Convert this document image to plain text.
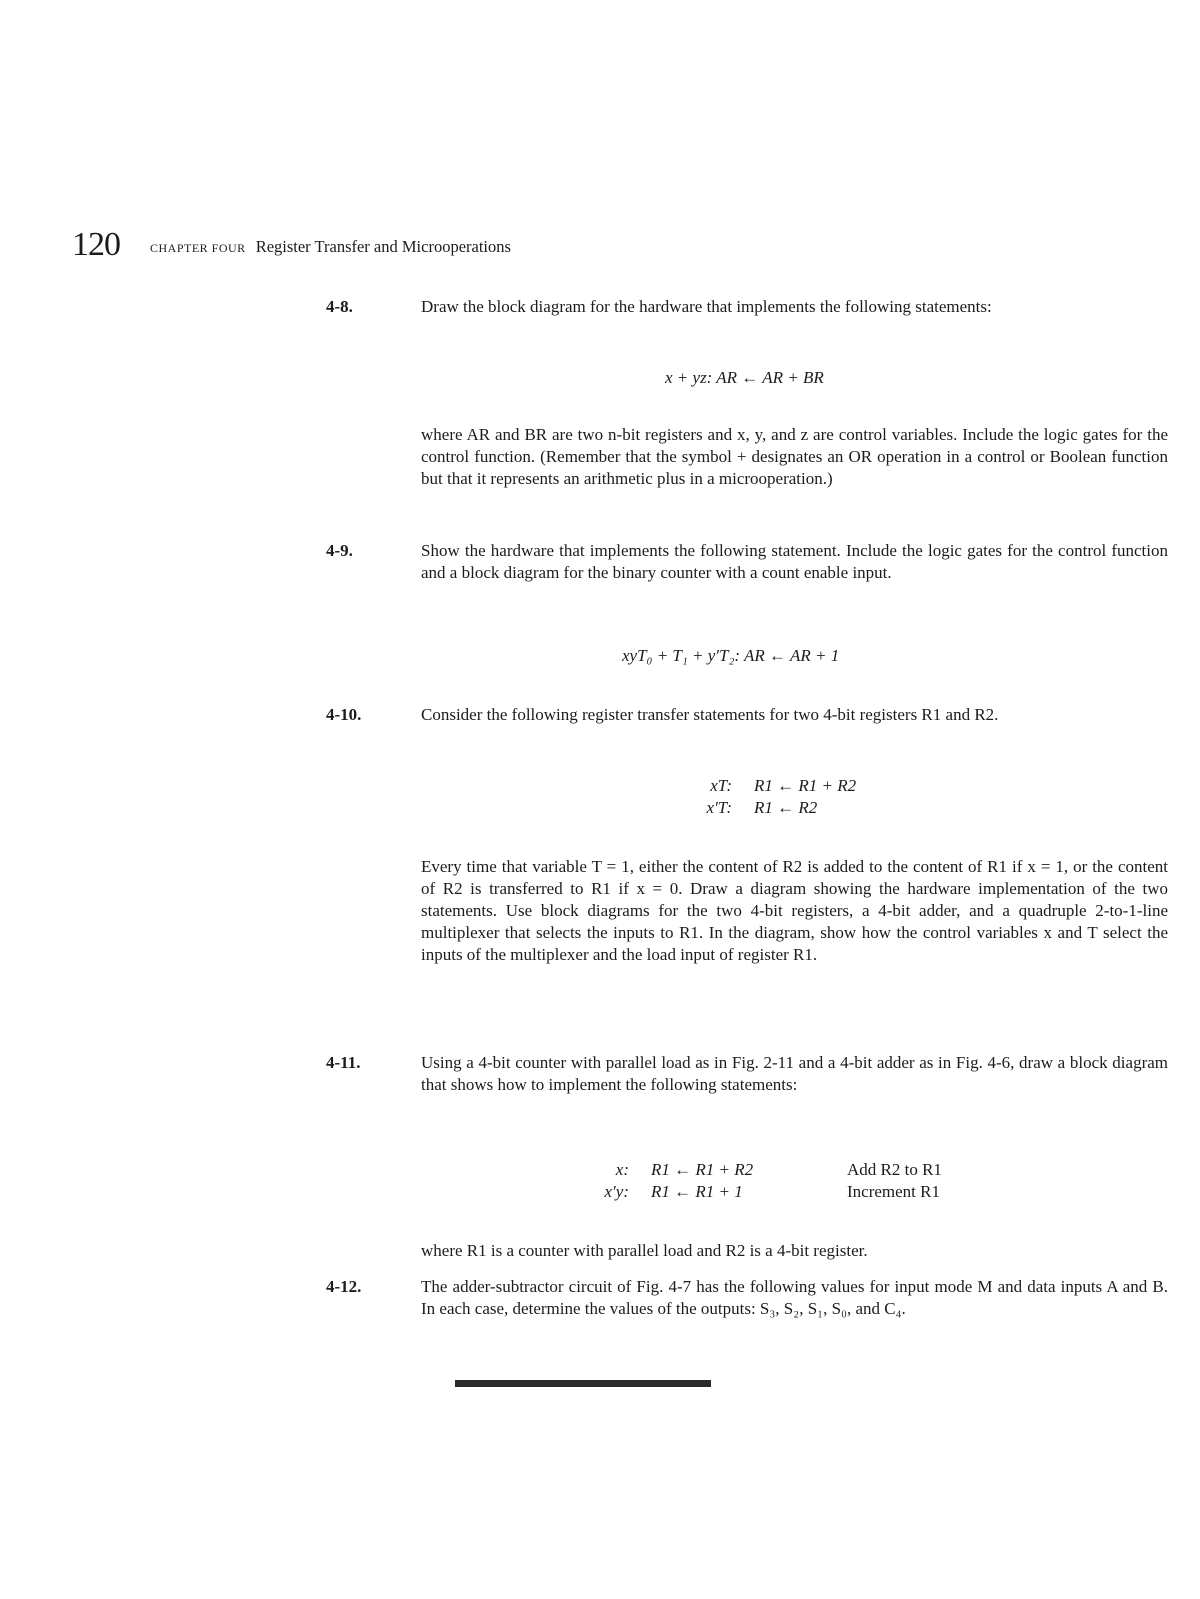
120	CHAPTER FOUR Register Transfer and Microoperations
4-8.	Draw the block diagram for the hardware that implements the following statements:
x + yz: AR ← AR + BR
where AR and BR are two n-bit registers and x, y, and z are control variables. Include the logic gates for the control function. (Remember that the symbol + designates an OR operation in a control or Boolean function but that it represents an arithmetic plus in a microoperation.)
4-9.	Show the hardware that implements the following statement. Include the logic gates for the control function and a block diagram for the binary counter with a count enable input.
xyT₀ + T₁ + y′T₂: AR ← AR + 1
4-10.	Consider the following register transfer statements for two 4-bit registers R1 and R2.
xT: R1 ← R1 + R2
x′T: R1 ← R2
Every time that variable T = 1, either the content of R2 is added to the content of R1 if x = 1, or the content of R2 is transferred to R1 if x = 0. Draw a diagram showing the hardware implementation of the two statements. Use block diagrams for the two 4-bit registers, a 4-bit adder, and a quadruple 2-to-1-line multiplexer that selects the inputs to R1. In the diagram, show how the control variables x and T select the inputs of the multiplexer and the load input of register R1.
4-11.	Using a 4-bit counter with parallel load as in Fig. 2-11 and a 4-bit adder as in Fig. 4-6, draw a block diagram that shows how to implement the following statements:
x: R1 ← R1 + R2	Add R2 to R1
x′y: R1 ← R1 + 1	Increment R1
where R1 is a counter with parallel load and R2 is a 4-bit register.
4-12.	The adder-subtractor circuit of Fig. 4-7 has the following values for input mode M and data inputs A and B. In each case, determine the values of the outputs: S₃, S₂, S₁, S₀, and C₄.
